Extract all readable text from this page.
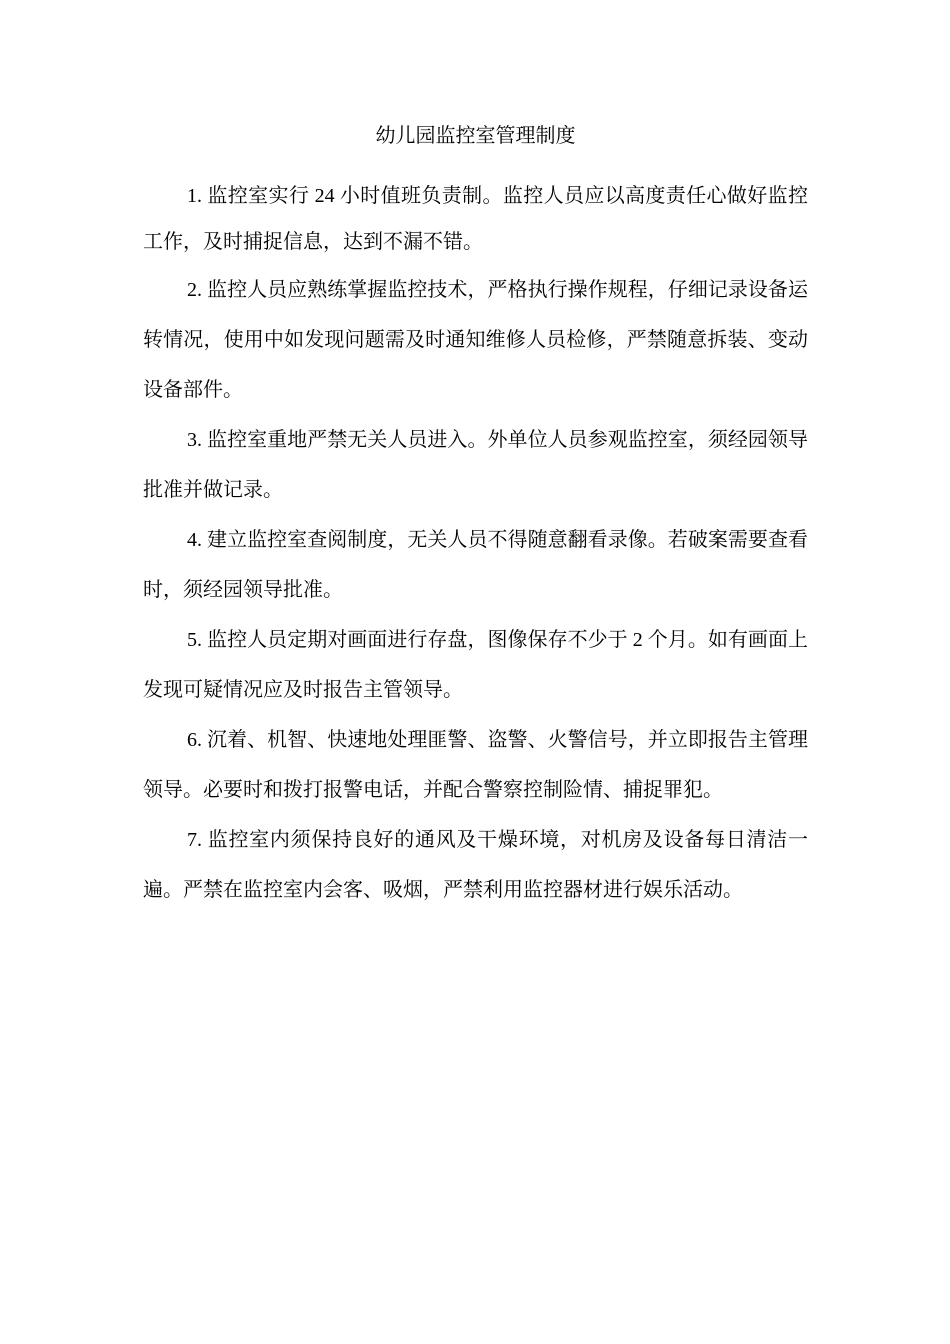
幼儿园监控室管理制度

1. 监控室实行 24 小时值班负责制。监控人员应以高度责任心做好监控工作，及时捕捉信息，达到不漏不错。

2. 监控人员应熟练掌握监控技术，严格执行操作规程，仔细记录设备运转情况，使用中如发现问题需及时通知维修人员检修，严禁随意拆装、变动设备部件。

3. 监控室重地严禁无关人员进入。外单位人员参观监控室，须经园领导批准并做记录。

4. 建立监控室查阅制度，无关人员不得随意翻看录像。若破案需要查看时，须经园领导批准。

5. 监控人员定期对画面进行存盘，图像保存不少于 2 个月。如有画面上发现可疑情况应及时报告主管领导。

6. 沉着、机智、快速地处理匪警、盗警、火警信号，并立即报告主管理领导。必要时和拨打报警电话，并配合警察控制险情、捕捉罪犯。

7. 监控室内须保持良好的通风及干燥环境，对机房及设备每日清洁一遍。严禁在监控室内会客、吸烟，严禁利用监控器材进行娱乐活动。
